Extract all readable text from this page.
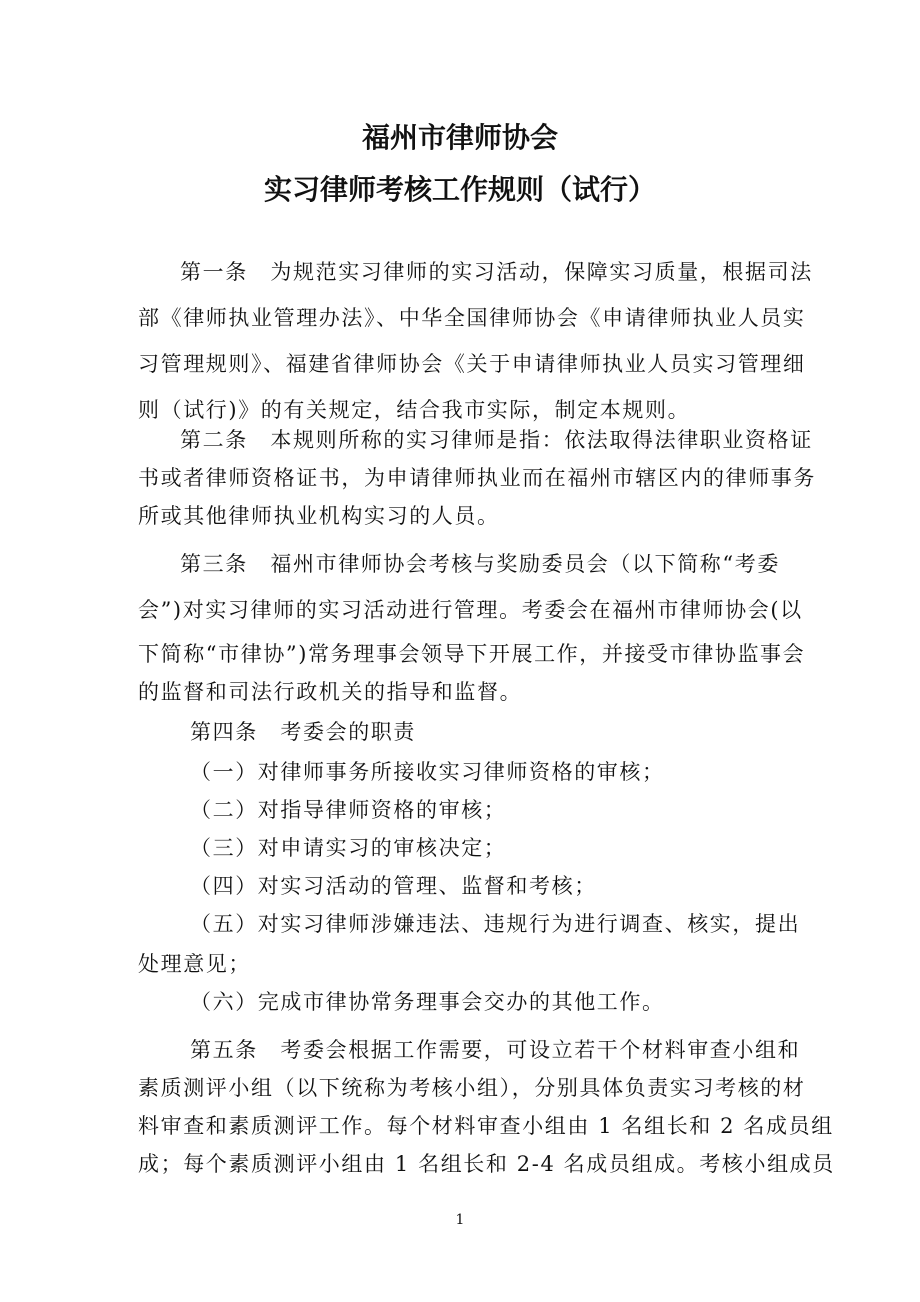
福州市律师协会
实习律师考核工作规则（试行）
第一条　为规范实习律师的实习活动，保障实习质量，根据司法
部《律师执业管理办法》、中华全国律师协会《申请律师执业人员实
习管理规则》、福建省律师协会《关于申请律师执业人员实习管理细
则（试行)》的有关规定，结合我市实际，制定本规则。
第二条　本规则所称的实习律师是指：依法取得法律职业资格证
书或者律师资格证书，为申请律师执业而在福州市辖区内的律师事务
所或其他律师执业机构实习的人员。
第三条　福州市律师协会考核与奖励委员会（以下简称“考委
会”)对实习律师的实习活动进行管理。考委会在福州市律师协会(以
下简称“市律协”)常务理事会领导下开展工作，并接受市律协监事会
的监督和司法行政机关的指导和监督。
第四条　考委会的职责
（一）对律师事务所接收实习律师资格的审核；
（二）对指导律师资格的审核；
（三）对申请实习的审核决定；
（四）对实习活动的管理、监督和考核；
（五）对实习律师涉嫌违法、违规行为进行调查、核实，提出
处理意见；
（六）完成市律协常务理事会交办的其他工作。
第五条　考委会根据工作需要，可设立若干个材料审查小组和
素质测评小组（以下统称为考核小组），分别具体负责实习考核的材
料审查和素质测评工作。每个材料审查小组由 1 名组长和 2 名成员组
成；每个素质测评小组由 1 名组长和 2-4 名成员组成。考核小组成员
1
